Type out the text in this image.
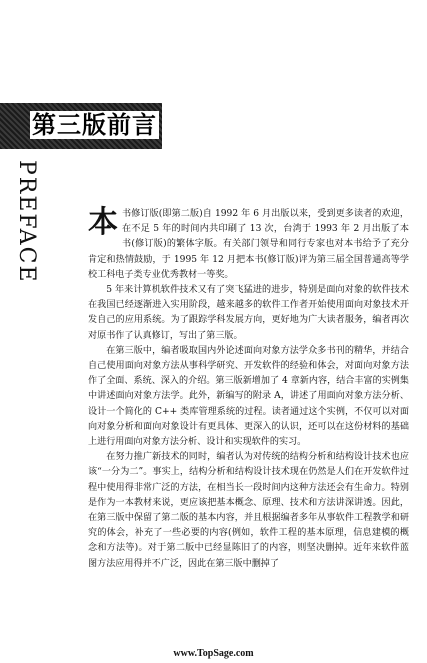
第三版前言
PREFACE 本书修订版(即第二版)自 1992 年 6 月出版以来，受到更多读者的欢迎，在不足 5 年的时间内共印刷了 13 次，台湾于 1993 年 2 月出版了本书(修订版)的繁体字版。有关部门领导和同行专家也对本书给予了充分肯定和热情鼓励，于 1995 年 12 月把本书(修订版)评为第三届全国普通高等学校工科电子类专业优秀教材一等奖。

5 年来计算机软件技术又有了突飞猛进的进步，特别是面向对象的软件技术在我国已经逐渐进入实用阶段，越来越多的软件工作者开始使用面向对象技术开发自己的应用系统。为了跟踪学科发展方向，更好地为广大读者服务，编者再次对原书作了认真修订，写出了第三版。

在第三版中，编者吸取国内外论述面向对象方法学众多书刊的精华，并结合自己使用面向对象方法从事科学研究、开发软件的经验和体会，对面向对象方法作了全面、系统、深入的介绍。第三版新增加了 4 章新内容，结合丰富的实例集中讲述面向对象方法学。此外，新编写的附录 A，讲述了用面向对象方法分析、设计一个简化的 C++ 类库管理系统的过程。读者通过这个实例，不仅可以对面向对象分析和面向对象设计有更具体、更深入的认识，还可以在这份材料的基础上进行用面向对象方法分析、设计和实现软件的实习。

在努力推广新技术的同时，编者认为对传统的结构分析和结构设计技术也应该“一分为二”。事实上，结构分析和结构设计技术现在仍然是人们在开发软件过程中使用得非常广泛的方法，在相当长一段时间内这种方法还会有生命力。特别是作为一本教材来说，更应该把基本概念、原理、技术和方法讲深讲透。因此，在第三版中保留了第二版的基本内容，并且根据编者多年从事软件工程教学和研究的体会，补充了一些必要的内容(例如，软件工程的基本原理，信息建模的概念和方法等)。对于第二版中已经显陈旧了的内容，则坚决删掉。近年来软件蓝图方法应用得并不广泛，因此在第三版中删掉了

www.TopSage.com
